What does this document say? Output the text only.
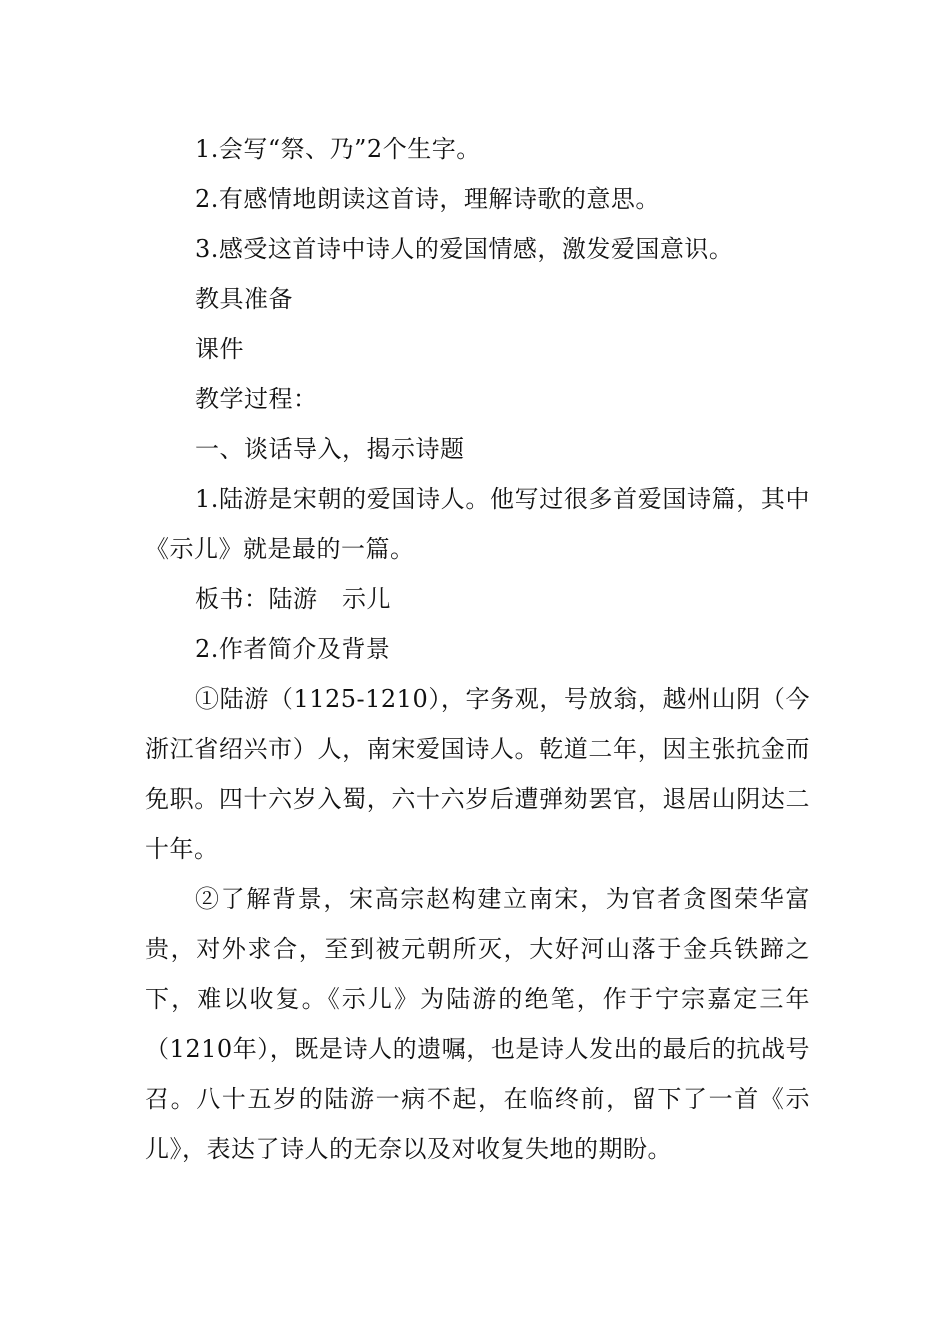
1.会写“祭、乃”2个生字。

2.有感情地朗读这首诗，理解诗歌的意思。

3.感受这首诗中诗人的爱国情感，激发爱国意识。

教具准备

课件

教学过程：

一、谈话导入，揭示诗题

1.陆游是宋朝的爱国诗人。他写过很多首爱国诗篇，其中《示儿》就是最的一篇。

板书：陆游　示儿

2.作者简介及背景

①陆游（1125-1210），字务观，号放翁，越州山阴（今浙江省绍兴市）人，南宋爱国诗人。乾道二年，因主张抗金而免职。四十六岁入蜀，六十六岁后遭弹劾罢官，退居山阴达二十年。

②了解背景，宋高宗赵构建立南宋，为官者贪图荣华富贵，对外求合，至到被元朝所灭，大好河山落于金兵铁蹄之下，难以收复。《示儿》为陆游的绝笔，作于宁宗嘉定三年（1210年），既是诗人的遗嘱，也是诗人发出的最后的抗战号召。八十五岁的陆游一病不起，在临终前，留下了一首《示儿》，表达了诗人的无奈以及对收复失地的期盼。
